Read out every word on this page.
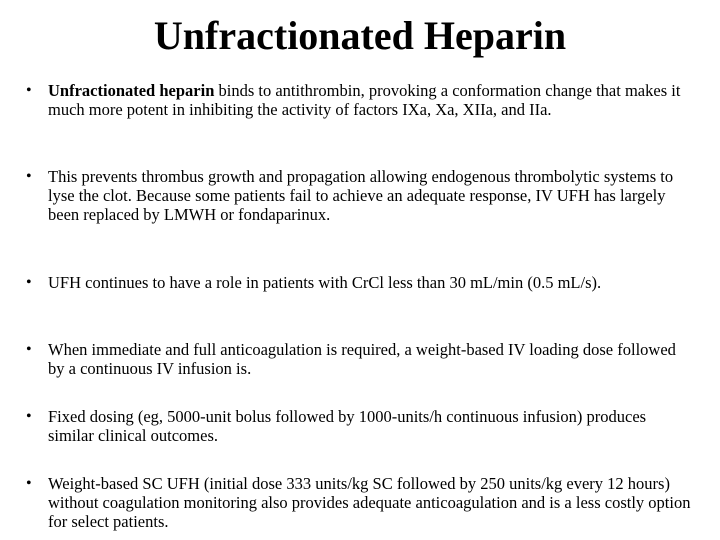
Unfractionated Heparin
• Unfractionated heparin binds to antithrombin, provoking a conformation change that makes it much more potent in inhibiting the activity of factors IXa, Xa, XIIa, and IIa.
• This prevents thrombus growth and propagation allowing endogenous thrombolytic systems to lyse the clot. Because some patients fail to achieve an adequate response, IV UFH has largely been replaced by LMWH or fondaparinux.
• UFH continues to have a role in patients with CrCl less than 30 mL/min (0.5 mL/s).
• When immediate and full anticoagulation is required, a weight-based IV loading dose followed by a continuous IV infusion is.
• Fixed dosing (eg, 5000-unit bolus followed by 1000-units/h continuous infusion) produces similar clinical outcomes.
• Weight-based SC UFH (initial dose 333 units/kg SC followed by 250 units/kg every 12 hours) without coagulation monitoring also provides adequate anticoagulation and is a less costly option for select patients.
